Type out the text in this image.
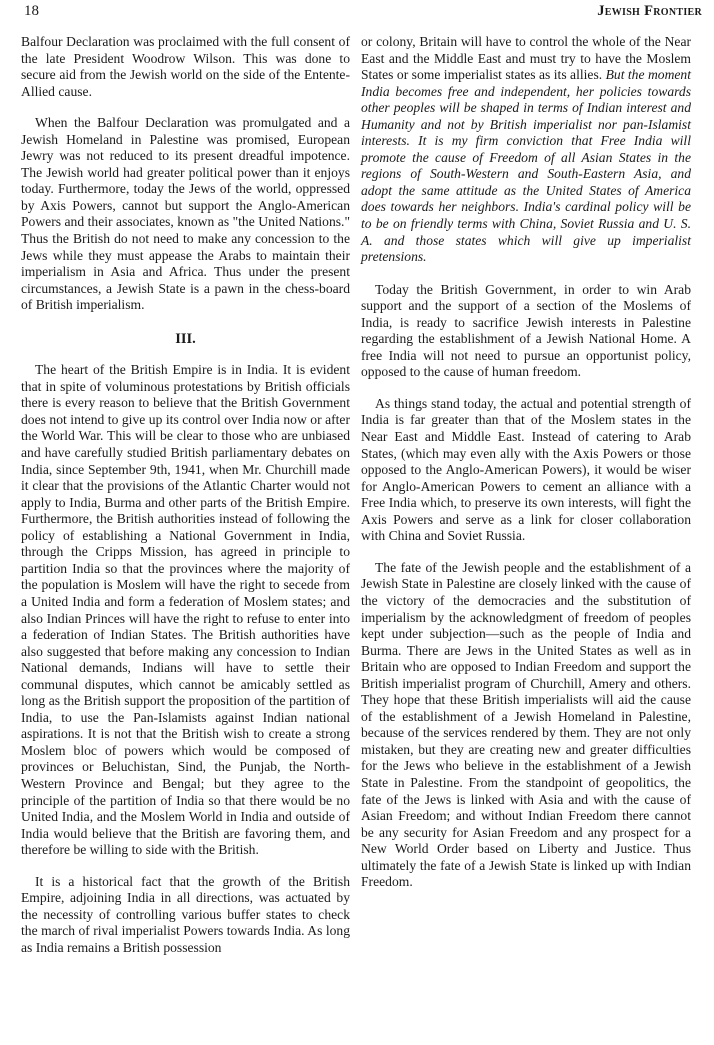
18	Jewish Frontier

Balfour Declaration was proclaimed with the full consent of the late President Woodrow Wilson. This was done to secure aid from the Jewish world on the side of the Entente-Allied cause.

When the Balfour Declaration was promulgated and a Jewish Homeland in Palestine was promised, European Jewry was not reduced to its present dreadful impotence. The Jewish world had greater political power than it enjoys today. Furthermore, today the Jews of the world, oppressed by Axis Powers, cannot but support the Anglo-American Powers and their associates, known as "the United Nations." Thus the British do not need to make any concession to the Jews while they must appease the Arabs to maintain their imperialism in Asia and Africa. Thus under the present circumstances, a Jewish State is a pawn in the chess-board of British imperialism.

III.

The heart of the British Empire is in India. It is evident that in spite of voluminous protestations by British officials there is every reason to believe that the British Government does not intend to give up its control over India now or after the World War. This will be clear to those who are unbiased and have carefully studied British parliamentary debates on India, since September 9th, 1941, when Mr. Churchill made it clear that the provisions of the Atlantic Charter would not apply to India, Burma and other parts of the British Empire. Furthermore, the British authorities instead of following the policy of establishing a National Government in India, through the Cripps Mission, has agreed in principle to partition India so that the provinces where the majority of the population is Moslem will have the right to secede from a United India and form a federation of Moslem states; and also Indian Princes will have the right to refuse to enter into a federation of Indian States. The British authorities have also suggested that before making any concession to Indian National demands, Indians will have to settle their communal disputes, which cannot be amicably settled as long as the British support the proposition of the partition of India, to use the Pan-Islamists against Indian national aspirations. It is not that the British wish to create a strong Moslem bloc of powers which would be composed of provinces or Beluchistan, Sind, the Punjab, the North-Western Province and Bengal; but they agree to the principle of the partition of India so that there would be no United India, and the Moslem World in India and outside of India would believe that the British are favoring them, and therefore be willing to side with the British.

It is a historical fact that the growth of the British Empire, adjoining India in all directions, was actuated by the necessity of controlling various buffer states to check the march of rival imperialist Powers towards India. As long as India remains a British possession

or colony, Britain will have to control the whole of the Near East and the Middle East and must try to have the Moslem States or some imperialist states as its allies. But the moment India becomes free and independent, her policies towards other peoples will be shaped in terms of Indian interest and Humanity and not by British imperialist nor pan-Islamist interests. It is my firm conviction that Free India will promote the cause of Freedom of all Asian States in the regions of South-Western and South-Eastern Asia, and adopt the same attitude as the United States of America does towards her neighbors. India's cardinal policy will be to be on friendly terms with China, Soviet Russia and U. S. A. and those states which will give up imperialist pretensions.

Today the British Government, in order to win Arab support and the support of a section of the Moslems of India, is ready to sacrifice Jewish interests in Palestine regarding the establishment of a Jewish National Home. A free India will not need to pursue an opportunist policy, opposed to the cause of human freedom.

As things stand today, the actual and potential strength of India is far greater than that of the Moslem states in the Near East and Middle East. Instead of catering to Arab States, (which may even ally with the Axis Powers or those opposed to the Anglo-American Powers), it would be wiser for Anglo-American Powers to cement an alliance with a Free India which, to preserve its own interests, will fight the Axis Powers and serve as a link for closer collaboration with China and Soviet Russia.

The fate of the Jewish people and the establishment of a Jewish State in Palestine are closely linked with the cause of the victory of the democracies and the substitution of imperialism by the acknowledgment of freedom of peoples kept under subjection—such as the people of India and Burma. There are Jews in the United States as well as in Britain who are opposed to Indian Freedom and support the British imperialist program of Churchill, Amery and others. They hope that these British imperialists will aid the cause of the establishment of a Jewish Homeland in Palestine, because of the services rendered by them. They are not only mistaken, but they are creating new and greater difficulties for the Jews who believe in the establishment of a Jewish State in Palestine. From the standpoint of geopolitics, the fate of the Jews is linked with Asia and with the cause of Asian Freedom; and without Indian Freedom there cannot be any security for Asian Freedom and any prospect for a New World Order based on Liberty and Justice. Thus ultimately the fate of a Jewish State is linked up with Indian Freedom.
